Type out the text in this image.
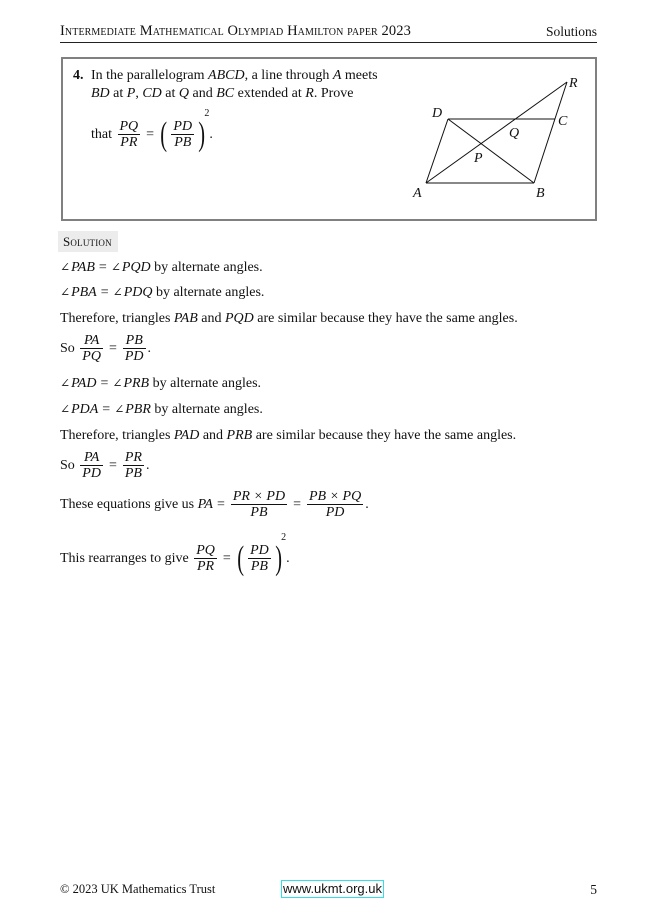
Intermediate Mathematical Olympiad Hamilton paper 2023	Solutions
4. In the parallelogram ABCD, a line through A meets
BD at P, CD at Q and BC extended at R. Prove
that $\frac{PQ}{PR}$ = ( $\frac{PD}{PB} )^2$.
A	B
C
D
P
Q
R
Solution
∠PAB = ∠PQD by alternate angles.
∠PBA = ∠PDQ by alternate angles.
Therefore, triangles PAB and PQD are similar because they have the same angles.
So $\frac{PA}{PQ} = \frac{PB}{PD}$ .
∠PAD = ∠PRB by alternate angles.
∠PDA = ∠PBR by alternate angles.
Therefore, triangles PAD and PRB are similar because they have the same angles.
So $\frac{PA}{PD} = \frac{PR}{PB}$ .
These equations give us PA = $\frac{PR \times PD}{PB} = \frac{PB \times PQ}{PD}$ .
This rearranges to give $\frac{PQ}{PR}$ = ( $\frac{PD}{PB} )^2$.
© 2023 UK Mathematics Trust	www.ukmt.org.uk	5
